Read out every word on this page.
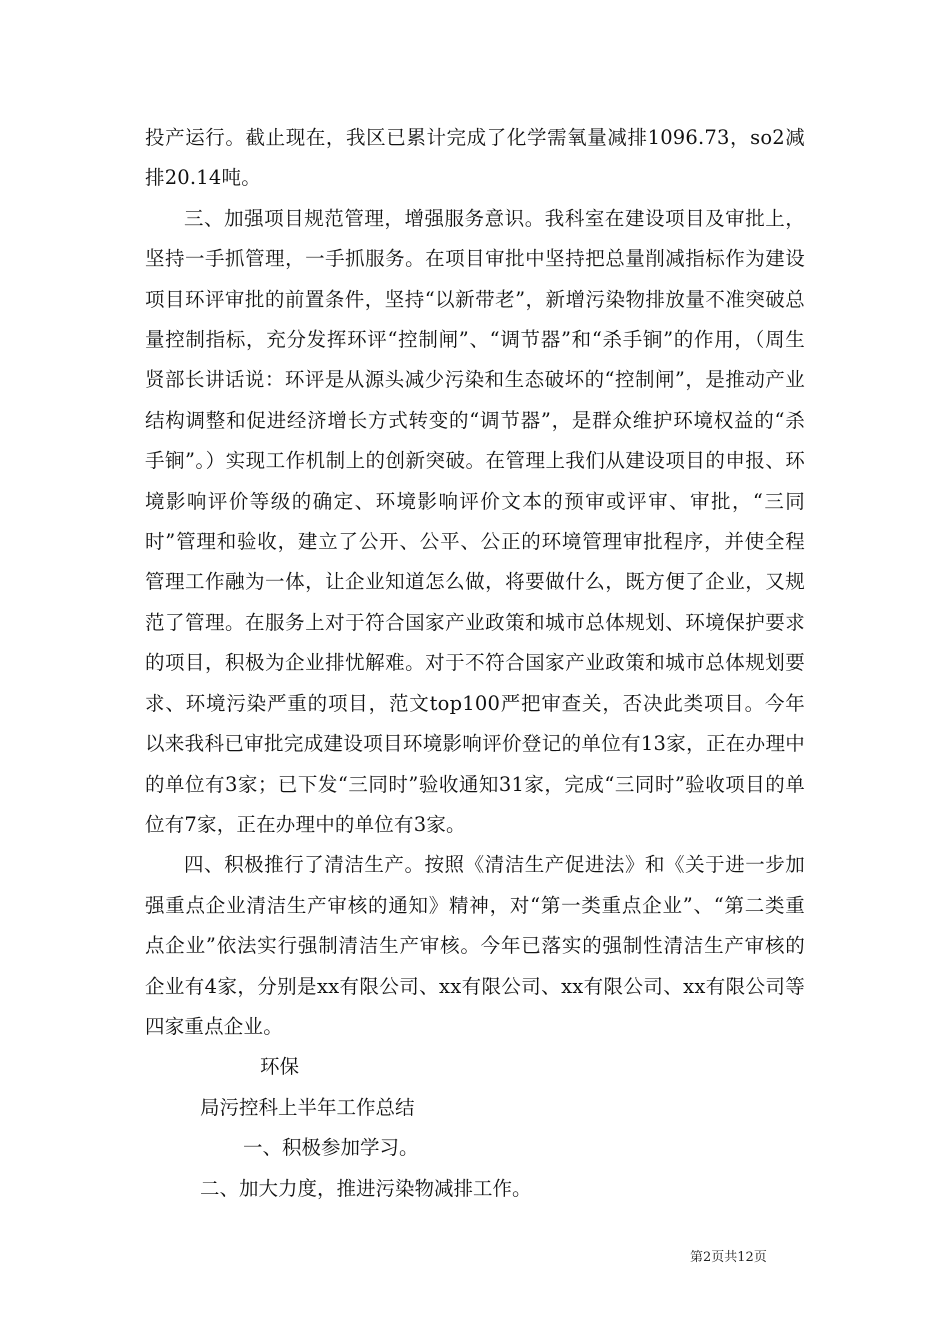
投产运行。截止现在，我区已累计完成了化学需氧量减排1096.73，so2减排20.14吨。

三、加强项目规范管理，增强服务意识。我科室在建设项目及审批上，坚持一手抓管理，一手抓服务。在项目审批中坚持把总量削减指标作为建设项目环评审批的前置条件，坚持“以新带老”，新增污染物排放量不准突破总量控制指标，充分发挥环评“控制闸”、“调节器”和“杀手锏”的作用，（周生贤部长讲话说：环评是从源头减少污染和生态破坏的“控制闸”，是推动产业结构调整和促进经济增长方式转变的“调节器”，是群众维护环境权益的“杀手锏”。）实现工作机制上的创新突破。在管理上我们从建设项目的申报、环境影响评价等级的确定、环境影响评价文本的预审或评审、审批，“三同时”管理和验收，建立了公开、公平、公正的环境管理审批程序，并使全程管理工作融为一体，让企业知道怎么做，将要做什么，既方便了企业，又规范了管理。在服务上对于符合国家产业政策和城市总体规划、环境保护要求的项目，积极为企业排忧解难。对于不符合国家产业政策和城市总体规划要求、环境污染严重的项目，范文top100严把审查关，否决此类项目。今年以来我科已审批完成建设项目环境影响评价登记的单位有13家，正在办理中的单位有3家；已下发“三同时”验收通知31家，完成“三同时”验收项目的单位有7家，正在办理中的单位有3家。

四、积极推行了清洁生产。按照《清洁生产促进法》和《关于进一步加强重点企业清洁生产审核的通知》精神，对“第一类重点企业”、“第二类重点企业”依法实行强制清洁生产审核。今年已落实的强制性清洁生产审核的企业有4家，分别是xx有限公司、xx有限公司、xx有限公司、xx有限公司等四家重点企业。

环保

局污控科上半年工作总结

一、积极参加学习。

二、加大力度，推进污染物减排工作。

第2页共12页
